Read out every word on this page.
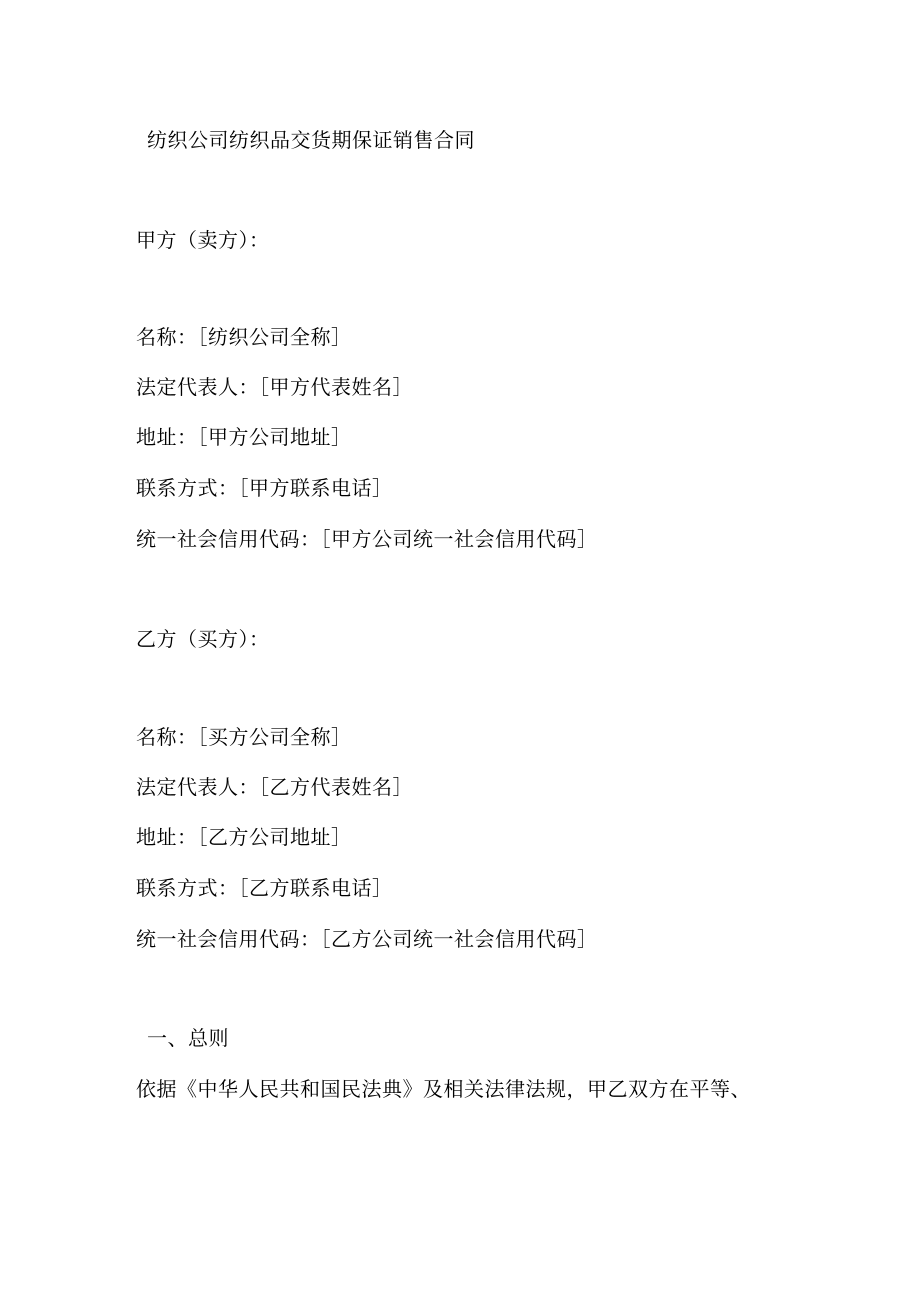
纺织公司纺织品交货期保证销售合同
甲方（卖方）：
名称：［纺织公司全称］
法定代表人：［甲方代表姓名］
地址：［甲方公司地址］
联系方式：［甲方联系电话］
统一社会信用代码：［甲方公司统一社会信用代码］
乙方（买方）：
名称：［买方公司全称］
法定代表人：［乙方代表姓名］
地址：［乙方公司地址］
联系方式：［乙方联系电话］
统一社会信用代码：［乙方公司统一社会信用代码］
一、总则
依据《中华人民共和国民法典》及相关法律法规，甲乙双方在平等、
